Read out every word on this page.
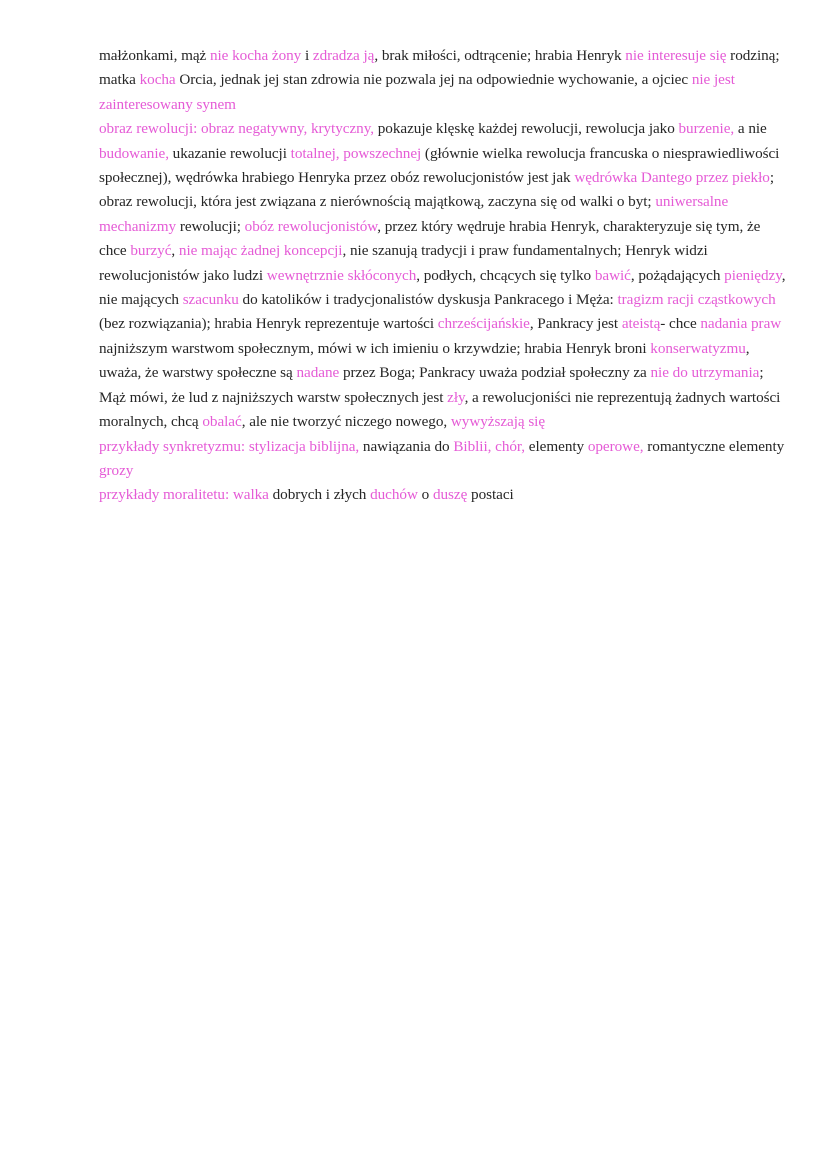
małżonkami, mąż nie kocha żony i zdradza ją, brak miłości, odtrącenie; hrabia Henryk nie interesuje się rodziną; matka kocha Orcia, jednak jej stan zdrowia nie pozwala jej na odpowiednie wychowanie, a ojciec nie jest zainteresowany synem

obraz rewolucji: obraz negatywny, krytyczny, pokazuje klęskę każdej rewolucji, rewolucja jako burzenie, a nie budowanie, ukazanie rewolucji totalnej, powszechnej (głównie wielka rewolucja francuska o niesprawiedliwości społecznej), wędrówka hrabiego Henryka przez obóz rewolucjonistów jest jak wędrówka Dantego przez piekło; obraz rewolucji, która jest związana z nierównością majątkową, zaczyna się od walki o byt; uniwersalne mechanizmy rewolucji; obóz rewolucjonistów, przez który wędruje hrabia Henryk, charakteryzuje się tym, że chce burzyć, nie mając żadnej koncepcji, nie szanują tradycji i praw fundamentalnych; Henryk widzi rewolucjonistów jako ludzi wewnętrznie skłóconych, podłych, chcących się tylko bawić, pożądających pieniędzy, nie mających szacunku do katolików i tradycjonalistów dyskusja Pankracego i Męża: tragizm racji cząstkowych (bez rozwiązania); hrabia Henryk reprezentuje wartości chrześcijańskie, Pankracy jest ateistą- chce nadania praw najniższym warstwom społecznym, mówi w ich imieniu o krzywdzie; hrabia Henryk broni konserwatyzmu, uważa, że warstwy społeczne są nadane przez Boga; Pankracy uważa podział społeczny za nie do utrzymania; Mąż mówi, że lud z najniższych warstw społecznych jest zły, a rewolucjoniści nie reprezentują żadnych wartości moralnych, chcą obalać, ale nie tworzyć niczego nowego, wywyższają się

przykłady synkretyzmu: stylizacja biblijna, nawiązania do Biblii, chór, elementy operowe, romantyczne elementy grozy

przykłady moralitetu: walka dobrych i złych duchów o duszę postaci
